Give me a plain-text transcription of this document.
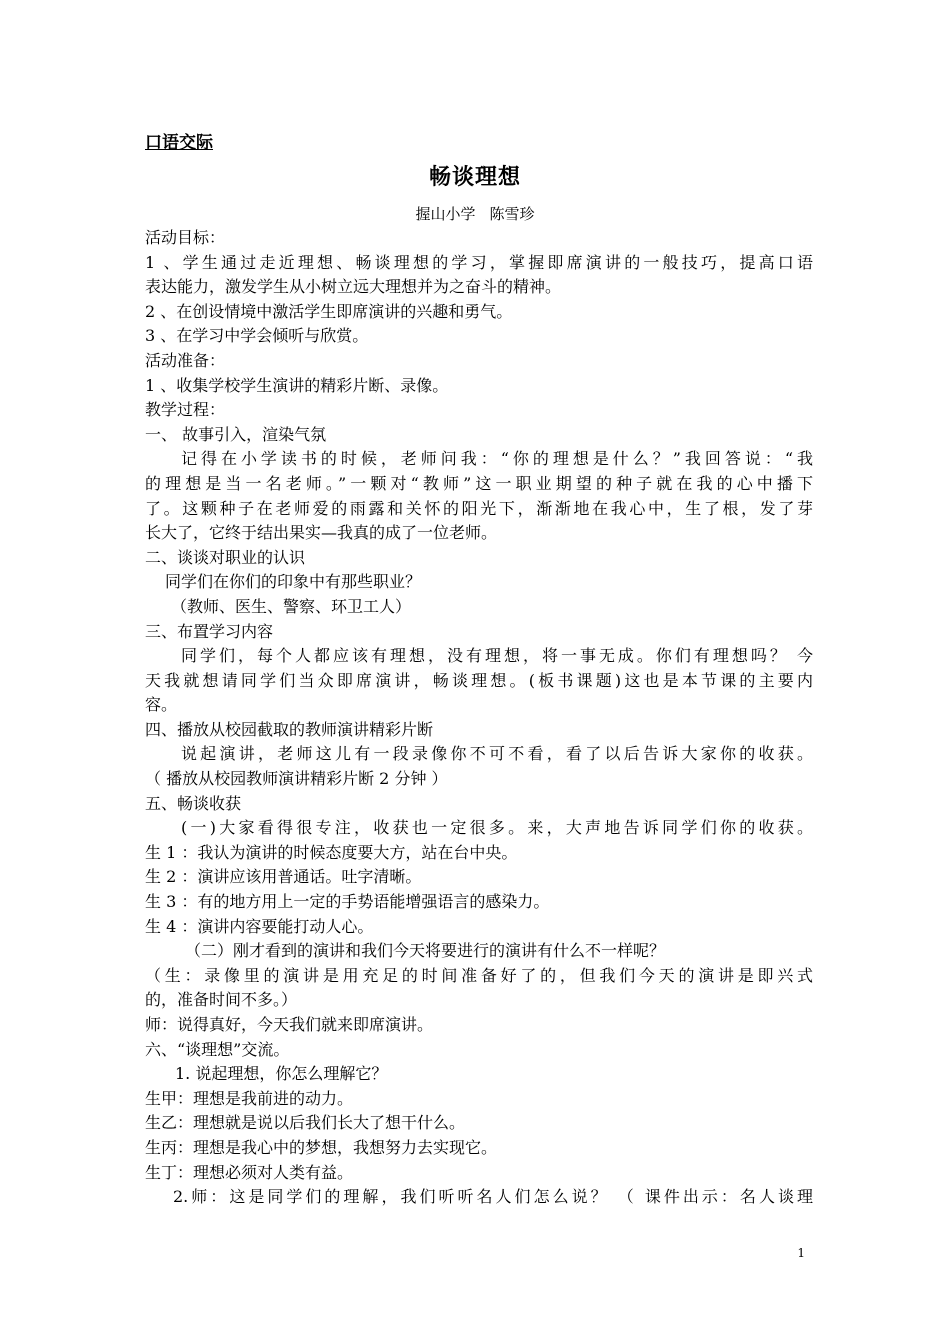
口语交际
畅谈理想
握山小学 陈雪珍
活动目标：
1 、学生通过走近理想、畅谈理想的学习，掌握即席演讲的一般技巧，提高口语
表达能力，激发学生从小树立远大理想并为之奋斗的精神。
2 、在创设情境中激活学生即席演讲的兴趣和勇气。
3 、在学习中学会倾听与欣赏。
活动准备：
1 、收集学校学生演讲的精彩片断、录像。
教学过程：
一、 故事引入，渲染气氛
记得在小学读书的时候，老师问我：“你的理想是什么？”我回答说：“我
的理想是当一名老师。”一颗对“教师”这一职业期望的种子就在我的心中播下
了。这颗种子在老师爱的雨露和关怀的阳光下，渐渐地在我心中，生了根，发了芽
长大了，它终于结出果实—我真的成了一位老师。
二、谈谈对职业的认识
同学们在你们的印象中有那些职业？
（教师、医生、警察、环卫工人）
三、布置学习内容
同学们，每个人都应该有理想，没有理想，将一事无成。你们有理想吗？ 今
天我就想请同学们当众即席演讲，畅谈理想。(板书课题)这也是本节课的主要内
容。
四、播放从校园截取的教师演讲精彩片断
说起演讲，老师这儿有一段录像你不可不看，看了以后告诉大家你的收获。
（ 播放从校园教师演讲精彩片断 2 分钟 ）
五、畅谈收获
(一)大家看得很专注，收获也一定很多。来，大声地告诉同学们你的收获。
生 1 ：我认为演讲的时候态度要大方，站在台中央。
生 2 ：演讲应该用普通话。吐字清晰。
生 3 ：有的地方用上一定的手势语能增强语言的感染力。
生 4 ：演讲内容要能打动人心。
（二）刚才看到的演讲和我们今天将要进行的演讲有什么不一样呢？
（生：录像里的演讲是用充足的时间准备好了的，但我们今天的演讲是即兴式
的，准备时间不多。）
师：说得真好，今天我们就来即席演讲。
六、“谈理想”交流。
1. 说起理想，你怎么理解它？
生甲：理想是我前进的动力。
生乙：理想就是说以后我们长大了想干什么。
生丙：理想是我心中的梦想，我想努力去实现它。
生丁：理想必须对人类有益。
2.师：这是同学们的理解，我们听听名人们怎么说？ （ 课件出示：名人谈理
1
